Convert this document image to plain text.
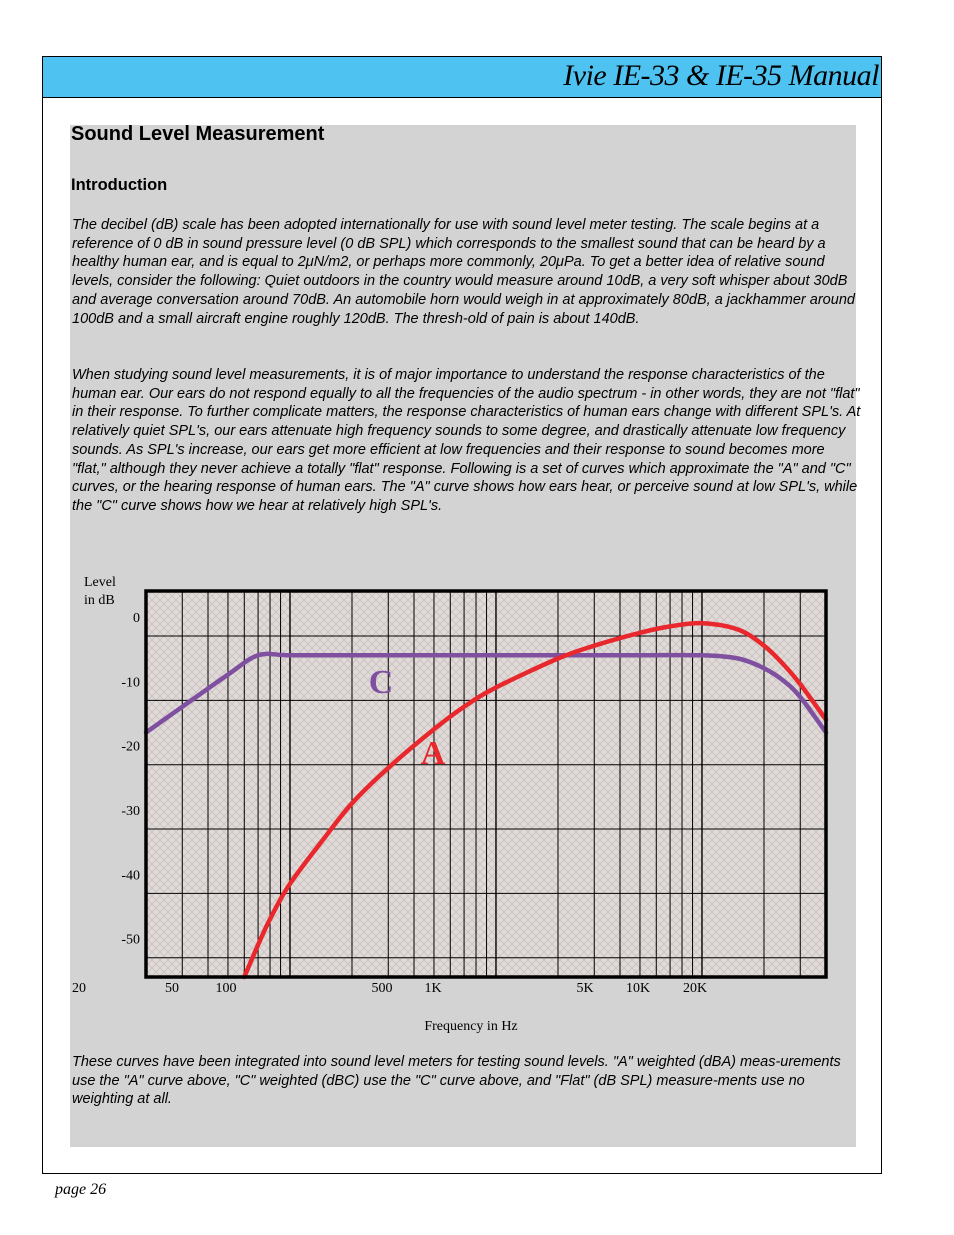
Ivie IE-33 & IE-35 Manual
Sound Level Measurement
Introduction
The decibel (dB) scale has been adopted internationally for use with sound level meter testing. The scale begins at a reference of 0 dB in sound pressure level (0 dB SPL) which corresponds to the smallest sound that can be heard by a healthy human ear, and is equal to 2μN/m2, or perhaps more commonly, 20μPa. To get a better idea of relative sound levels, consider the following: Quiet outdoors in the country would measure around 10dB, a very soft whisper about 30dB and average conversation around 70dB. An automobile horn would weigh in at approximately 80dB, a jackhammer around 100dB and a small aircraft engine roughly 120dB. The thresh-old of pain is about 140dB.
When studying sound level measurements, it is of major importance to understand the response characteristics of the human ear. Our ears do not respond equally to all the frequencies of the audio spectrum - in other words, they are not "flat" in their response. To further complicate matters, the response characteristics of human ears change with different SPL's. At relatively quiet SPL's, our ears attenuate high frequency sounds to some degree, and drastically attenuate low frequency sounds. As SPL's increase, our ears get more efficient at low frequencies and their response to sound becomes more "flat," although they never achieve a totally "flat" response. Following is a set of curves which approximate the "A" and "C" curves, or the hearing response of human ears. The "A" curve shows how ears hear, or perceive sound at low SPL's, while the "C" curve shows how we hear at relatively high SPL's.
Level
in dB
0
-10
-20
-30
-40
-50
20	50	100	500 1K	5K 10K 20K
Frequency in Hz
C
A
These curves have been integrated into sound level meters for testing sound levels. "A" weighted (dBA) meas-urements use the "A" curve above, "C" weighted (dBC) use the "C" curve above, and "Flat" (dB SPL) measure-ments use no weighting at all.
page 26
